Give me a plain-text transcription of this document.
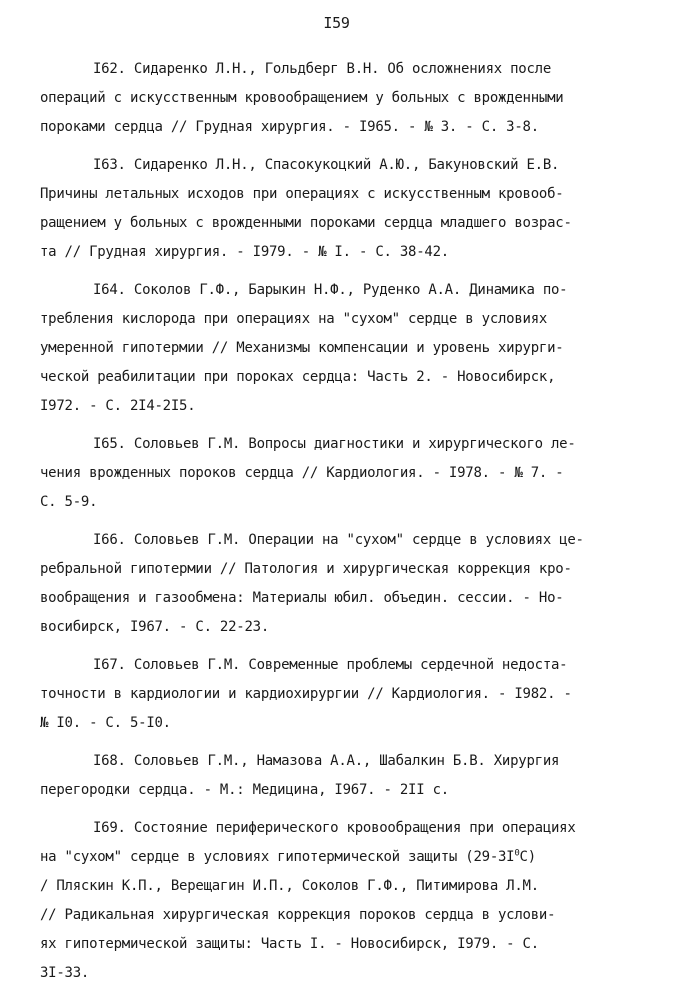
I59
I62. Сидаренко Л.Н., Гольдберг В.Н. Об осложнениях после
операций с искусственным кровообращением у больных с врожденными
пороками сердца // Грудная хирургия. - I965. - № 3. - С. 3-8.
I63. Сидаренко Л.Н., Спасокукоцкий А.Ю., Бакуновский Е.В.
Причины летальных исходов при операциях с искусственным кровооб-
ращением у больных с врожденными пороками сердца младшего возрас-
та // Грудная хирургия. - I979. - № I. - С. 38-42.
I64. Соколов Г.Ф., Барыкин Н.Ф., Руденко А.А. Динамика по-
требления кислорода при операциях на "сухом" сердце в условиях
умеренной гипотермии // Механизмы компенсации и уровень хирурги-
ческой реабилитации при пороках сердца: Часть 2. - Новосибирск,
I972. - С. 2I4-2I5.
I65. Соловьев Г.М. Вопросы диагностики и хирургического ле-
чения врожденных пороков сердца // Кардиология. - I978. - № 7. -
С. 5-9.
I66. Соловьев Г.М. Операции на "сухом" сердце в условиях це-
ребральной гипотермии // Патология и хирургическая коррекция кро-
вообращения и газообмена: Материалы юбил. объедин. сессии. - Но-
восибирск, I967. - С. 22-23.
I67. Соловьев Г.М. Современные проблемы сердечной недоста-
точности в кардиологии и кардиохирургии // Кардиология. - I982. -
№ I0. - С. 5-I0.
I68. Соловьев Г.М., Намазова А.А., Шабалкин Б.В. Хирургия
перегородки сердца. - М.: Медицина, I967. - 2II с.
I69. Состояние периферического кровообращения при операциях
на "сухом" сердце в условиях гипотермической защиты $(29-3I^0С)$
/ Пляскин К.П., Верещагин И.П., Соколов Г.Ф., Питимирова Л.М.
// Радикальная хирургическая коррекция пороков сердца в услови-
ях гипотермической защиты: Часть I. - Новосибирск, I979. - С.
3I-33.
